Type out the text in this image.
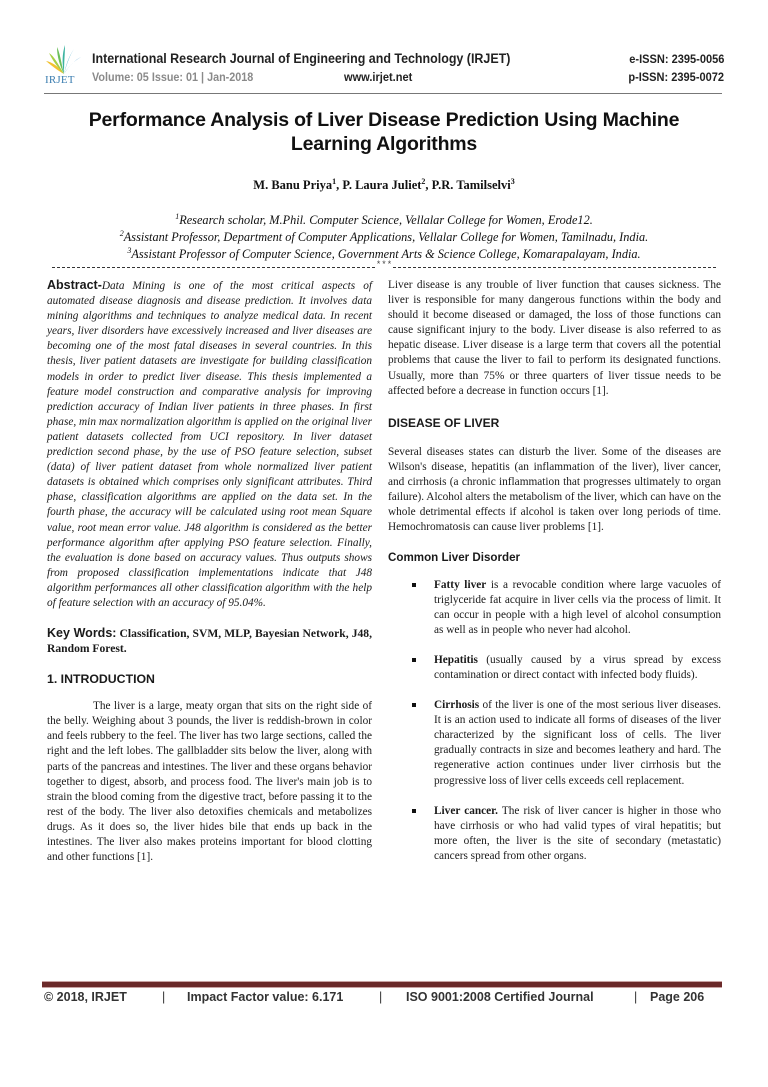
IRJET
International Research Journal of Engineering and Technology (IRJET)
Volume: 05 Issue: 01 | Jan-2018	www.irjet.net
e-ISSN: 2395-0056
p-ISSN: 2395-0072
Performance Analysis of Liver Disease Prediction Using Machine Learning Algorithms
M. Banu Priya$^1$, P. Laura Juliet$^2$, P.R. Tamilselvi$^3$
$^1$Research scholar, M.Phil. Computer Science, Vellalar College for Women, Erode12.
$^2$Assistant Professor, Department of Computer Applications, Vellalar College for Women, Tamilnadu, India.
$^3$Assistant Professor of Computer Science, Government Arts & Science College, Komarapalayam, India.
***

Abstract-Data Mining is one of the most critical aspects of automated disease diagnosis and disease prediction. It involves data mining algorithms and techniques to analyze medical data. In recent years, liver disorders have excessively increased and liver diseases are becoming one of the most fatal diseases in several countries. In this thesis, liver patient datasets are investigate for building classification models in order to predict liver disease. This thesis implemented a feature model construction and comparative analysis for improving prediction accuracy of Indian liver patients in three phases. In first phase, min max normalization algorithm is applied on the original liver patient datasets collected from UCI repository. In liver dataset prediction second phase, by the use of PSO feature selection, subset (data) of liver patient dataset from whole normalized liver patient datasets is obtained which comprises only significant attributes. Third phase, classification algorithms are applied on the data set. In the fourth phase, the accuracy will be calculated using root mean Square value, root mean error value. J48 algorithm is considered as the better performance algorithm after applying PSO feature selection. Finally, the evaluation is done based on accuracy values. Thus outputs shows from proposed classification implementations indicate that J48 algorithm performances all other classification algorithm with the help of feature selection with an accuracy of 95.04%.

Key Words: Classification, SVM, MLP, Bayesian Network, J48, Random Forest.

1. INTRODUCTION

The liver is a large, meaty organ that sits on the right side of the belly. Weighing about 3 pounds, the liver is reddish-brown in color and feels rubbery to the feel. The liver has two large sections, called the right and the left lobes. The gallbladder sits below the liver, along with parts of the pancreas and intestines. The liver and these organs behavior together to digest, absorb, and process food. The liver's main job is to strain the blood coming from the digestive tract, before passing it to the rest of the body. The liver also detoxifies chemicals and metabolizes drugs. As it does so, the liver hides bile that ends up back in the intestines. The liver also makes proteins important for blood clotting and other functions [1].

Liver disease is any trouble of liver function that causes sickness. The liver is responsible for many dangerous functions within the body and should it become diseased or damaged, the loss of those functions can cause significant injury to the body. Liver disease is also referred to as hepatic disease. Liver disease is a large term that covers all the potential problems that cause the liver to fail to perform its designated functions. Usually, more than 75% or three quarters of liver tissue needs to be affected before a decrease in function occurs [1].

DISEASE OF LIVER

Several diseases states can disturb the liver. Some of the diseases are Wilson's disease, hepatitis (an inflammation of the liver), liver cancer, and cirrhosis (a chronic inflammation that progresses ultimately to organ failure). Alcohol alters the metabolism of the liver, which can have on the whole detrimental effects if alcohol is taken over long periods of time. Hemochromatosis can cause liver problems [1].

Common Liver Disorder
Fatty liver is a revocable condition where large vacuoles of triglyceride fat acquire in liver cells via the process of limit. It can occur in people with a high level of alcohol consumption as well as in people who never had alcohol.
Hepatitis (usually caused by a virus spread by excess contamination or direct contact with infected body fluids).
Cirrhosis of the liver is one of the most serious liver diseases. It is an action used to indicate all forms of diseases of the liver characterized by the significant loss of cells. The liver gradually contracts in size and becomes leathery and hard. The regenerative action continues under liver cirrhosis but the progressive loss of liver cells exceeds cell replacement.
Liver cancer. The risk of liver cancer is higher in those who have cirrhosis or who had valid types of viral hepatitis; but more often, the liver is the site of secondary (metastatic) cancers spread from other organs.
© 2018, IRJET	| Impact Factor value: 6.171	| ISO 9001:2008 Certified Journal	| Page 206
